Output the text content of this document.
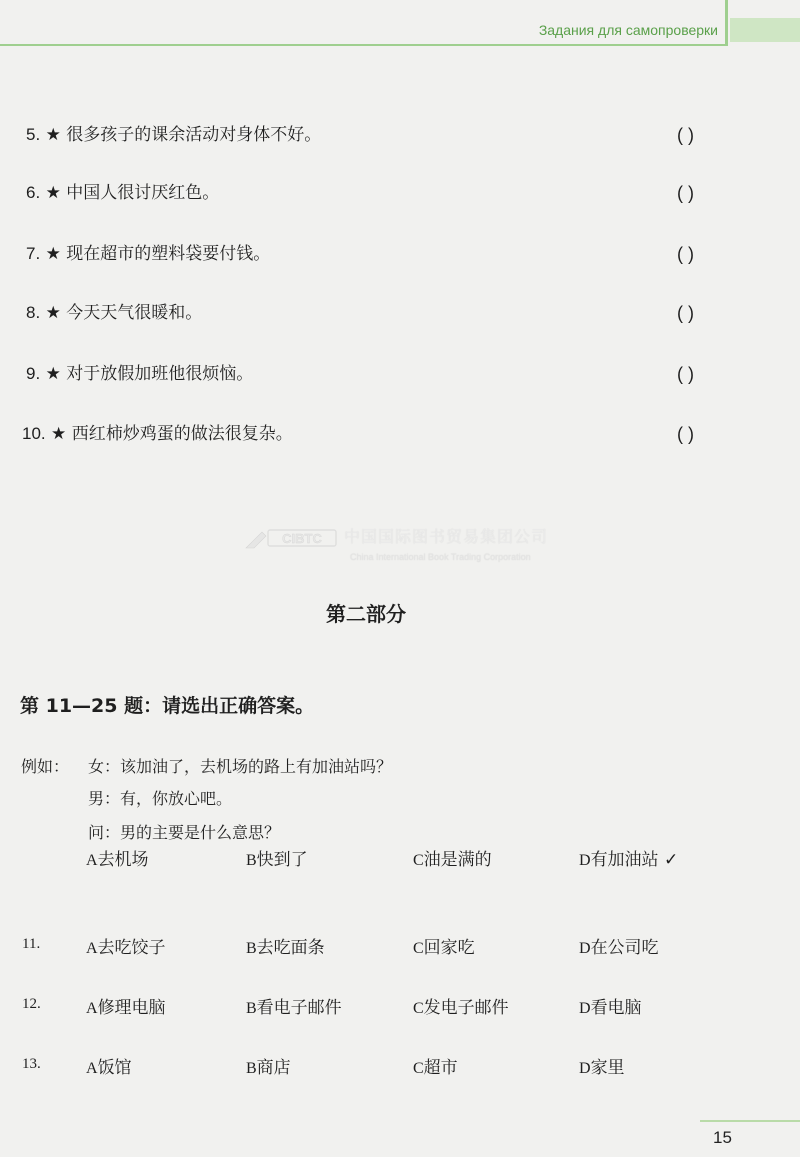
Задания для самопроверки
5. ★ 很多孩子的课余活动对身体不好。	( )
6. ★ 中国人很讨厌红色。	( )
7. ★ 现在超市的塑料袋要付钱。	( )
8. ★ 今天天气很暖和。	( )
9. ★ 对于放假加班他很烦恼。	( )
10. ★ 西红柿炒鸡蛋的做法很复杂。	( )
CIBTC 中国国际图书贸易集团公司
China International Book Trading Corporation
第二部分
第 11—25 题：请选出正确答案。
例如： 女：该加油了，去机场的路上有加油站吗？
男：有，你放心吧。
问：男的主要是什么意思？
A去机场	B快到了	C油是满的	D有加油站 ✓
11.	A去吃饺子	B去吃面条	C回家吃	D在公司吃
12.	A修理电脑	B看电子邮件	C发电子邮件	D看电脑
13.	A饭馆	B商店	C超市	D家里
15
